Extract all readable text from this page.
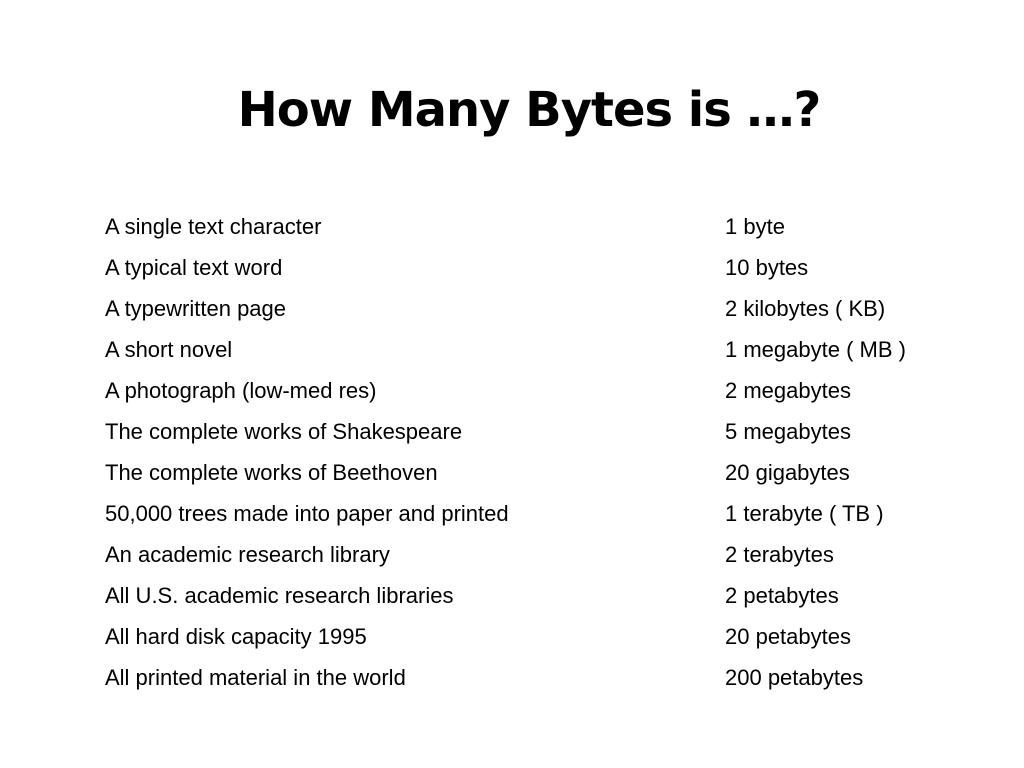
How Many Bytes is …?
A single text character	1 byte
A typical text word	10 bytes
A typewritten page	2 kilobytes ( KB)
A short novel	1 megabyte ( MB )
A photograph (low-med res)	2 megabytes
The complete works of Shakespeare	5 megabytes
The complete works of Beethoven	20 gigabytes
50,000 trees made into paper and printed	1 terabyte ( TB )
An academic research library	2 terabytes
All U.S. academic research libraries	2 petabytes
All hard disk capacity 1995	20 petabytes
All printed material in the world	200 petabytes
